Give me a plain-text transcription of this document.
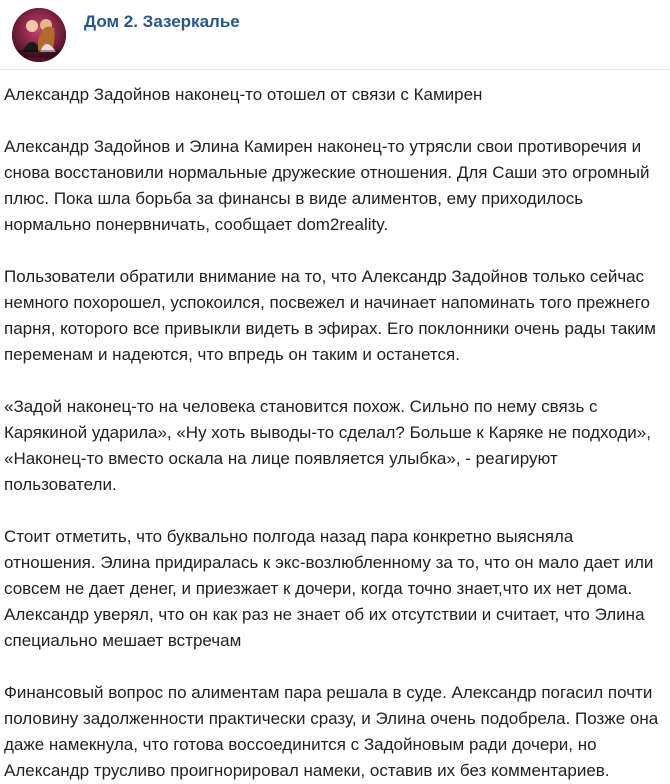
Дом 2. Зазеркалье

Александр Задойнов наконец-то отошел от связи с Камирен

Александр Задойнов и Элина Камирен наконец-то утрясли свои противоречия и снова восстановили нормальные дружеские отношения. Для Саши это огромный плюс. Пока шла борьба за финансы в виде алиментов, ему приходилось нормально понервничать, сообщает dom2reality.

Пользователи обратили внимание на то, что Александр Задойнов только сейчас немного похорошел, успокоился, посвежел и начинает напоминать того прежнего парня, которого все привыкли видеть в эфирах. Его поклонники очень рады таким переменам и надеются, что впредь он таким и останется.

«Задой наконец-то на человека становится похож. Сильно по нему связь с Карякиной ударила», «Ну хоть выводы-то сделал? Больше к Каряке не подходи», «Наконец-то вместо оскала на лице появляется улыбка», - реагируют пользователи.

Стоит отметить, что буквально полгода назад пара конкретно выясняла отношения. Элина придиралась к экс-возлюбленному за то, что он мало дает или совсем не дает денег, и приезжает к дочери, когда точно знает,что их нет дома. Александр уверял, что он как раз не знает об их отсутствии и считает, что Элина специально мешает встречам

Финансовый вопрос по алиментам пара решала в суде. Александр погасил почти половину задолженности практически сразу, и Элина очень подобрела. Позже она даже намекнула, что готова воссоединится с Задойновым ради дочери, но Александр трусливо проигнорировал намеки, оставив их без комментариев.
